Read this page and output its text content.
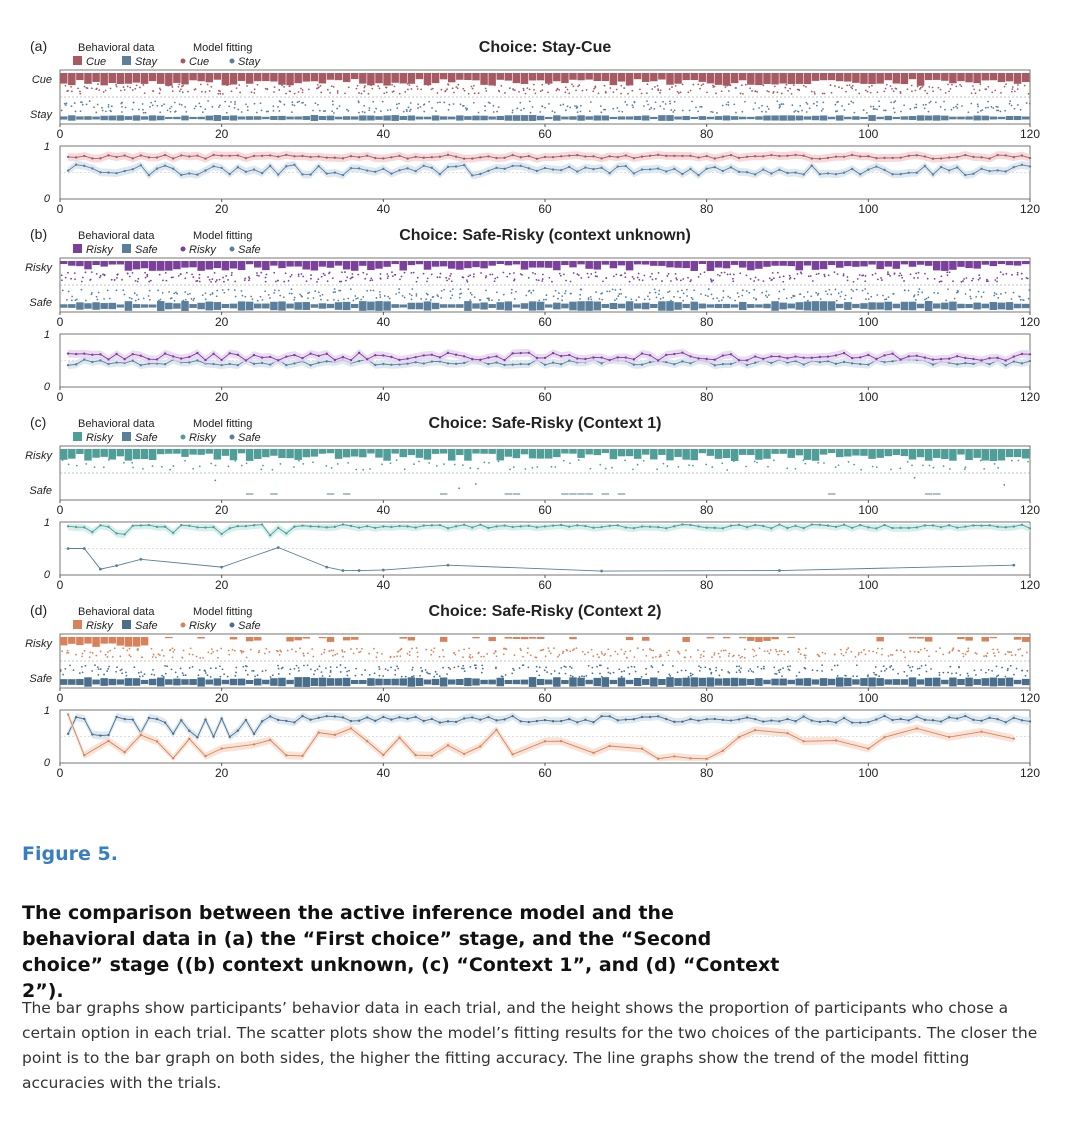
(a)	Behavioral data	Model fitting
Cue	Stay	Cue	Stay
Choice: Stay-Cue
Cue
Stay
0	20	40	60	80	100	120
1
0
0	20	40	60	80	100	120
(b)	Behavioral data	Model fitting
Risky Safe	Risky Safe
Choice: Safe-Risky (context unknown)
Risky
Safe
0	20	40	60	80	100	120
1
0
0	20	40	60	80	100	120
(c)	Behavioral data	Model fitting
Risky Safe	Risky Safe
Choice: Safe-Risky (Context 1)
Risky
Safe
0	20	40	60	80	100	120
1
0
0	20	40	60	80	100	120
(d)	Behavioral data	Model fitting
Risky Safe	Risky Safe
Choice: Safe-Risky (Context 2)
Risky
Safe
0	20	40	60	80	100	120
1
0
0	20	40	60	80	100	120
Figure 5.
The comparison between the active inference model and the behavioral data in (a) the “First choice” stage, and the “Second choice” stage ((b) context unknown, (c) “Context 1”, and (d) “Context 2”).
The bar graphs show participants’ behavior data in each trial, and the height shows the proportion of participants who chose a certain option in each trial. The scatter plots show the model’s fitting results for the two choices of the participants. The closer the point is to the bar graph on both sides, the higher the fitting accuracy. The line graphs show the trend of the model fitting accuracies with the trials.
